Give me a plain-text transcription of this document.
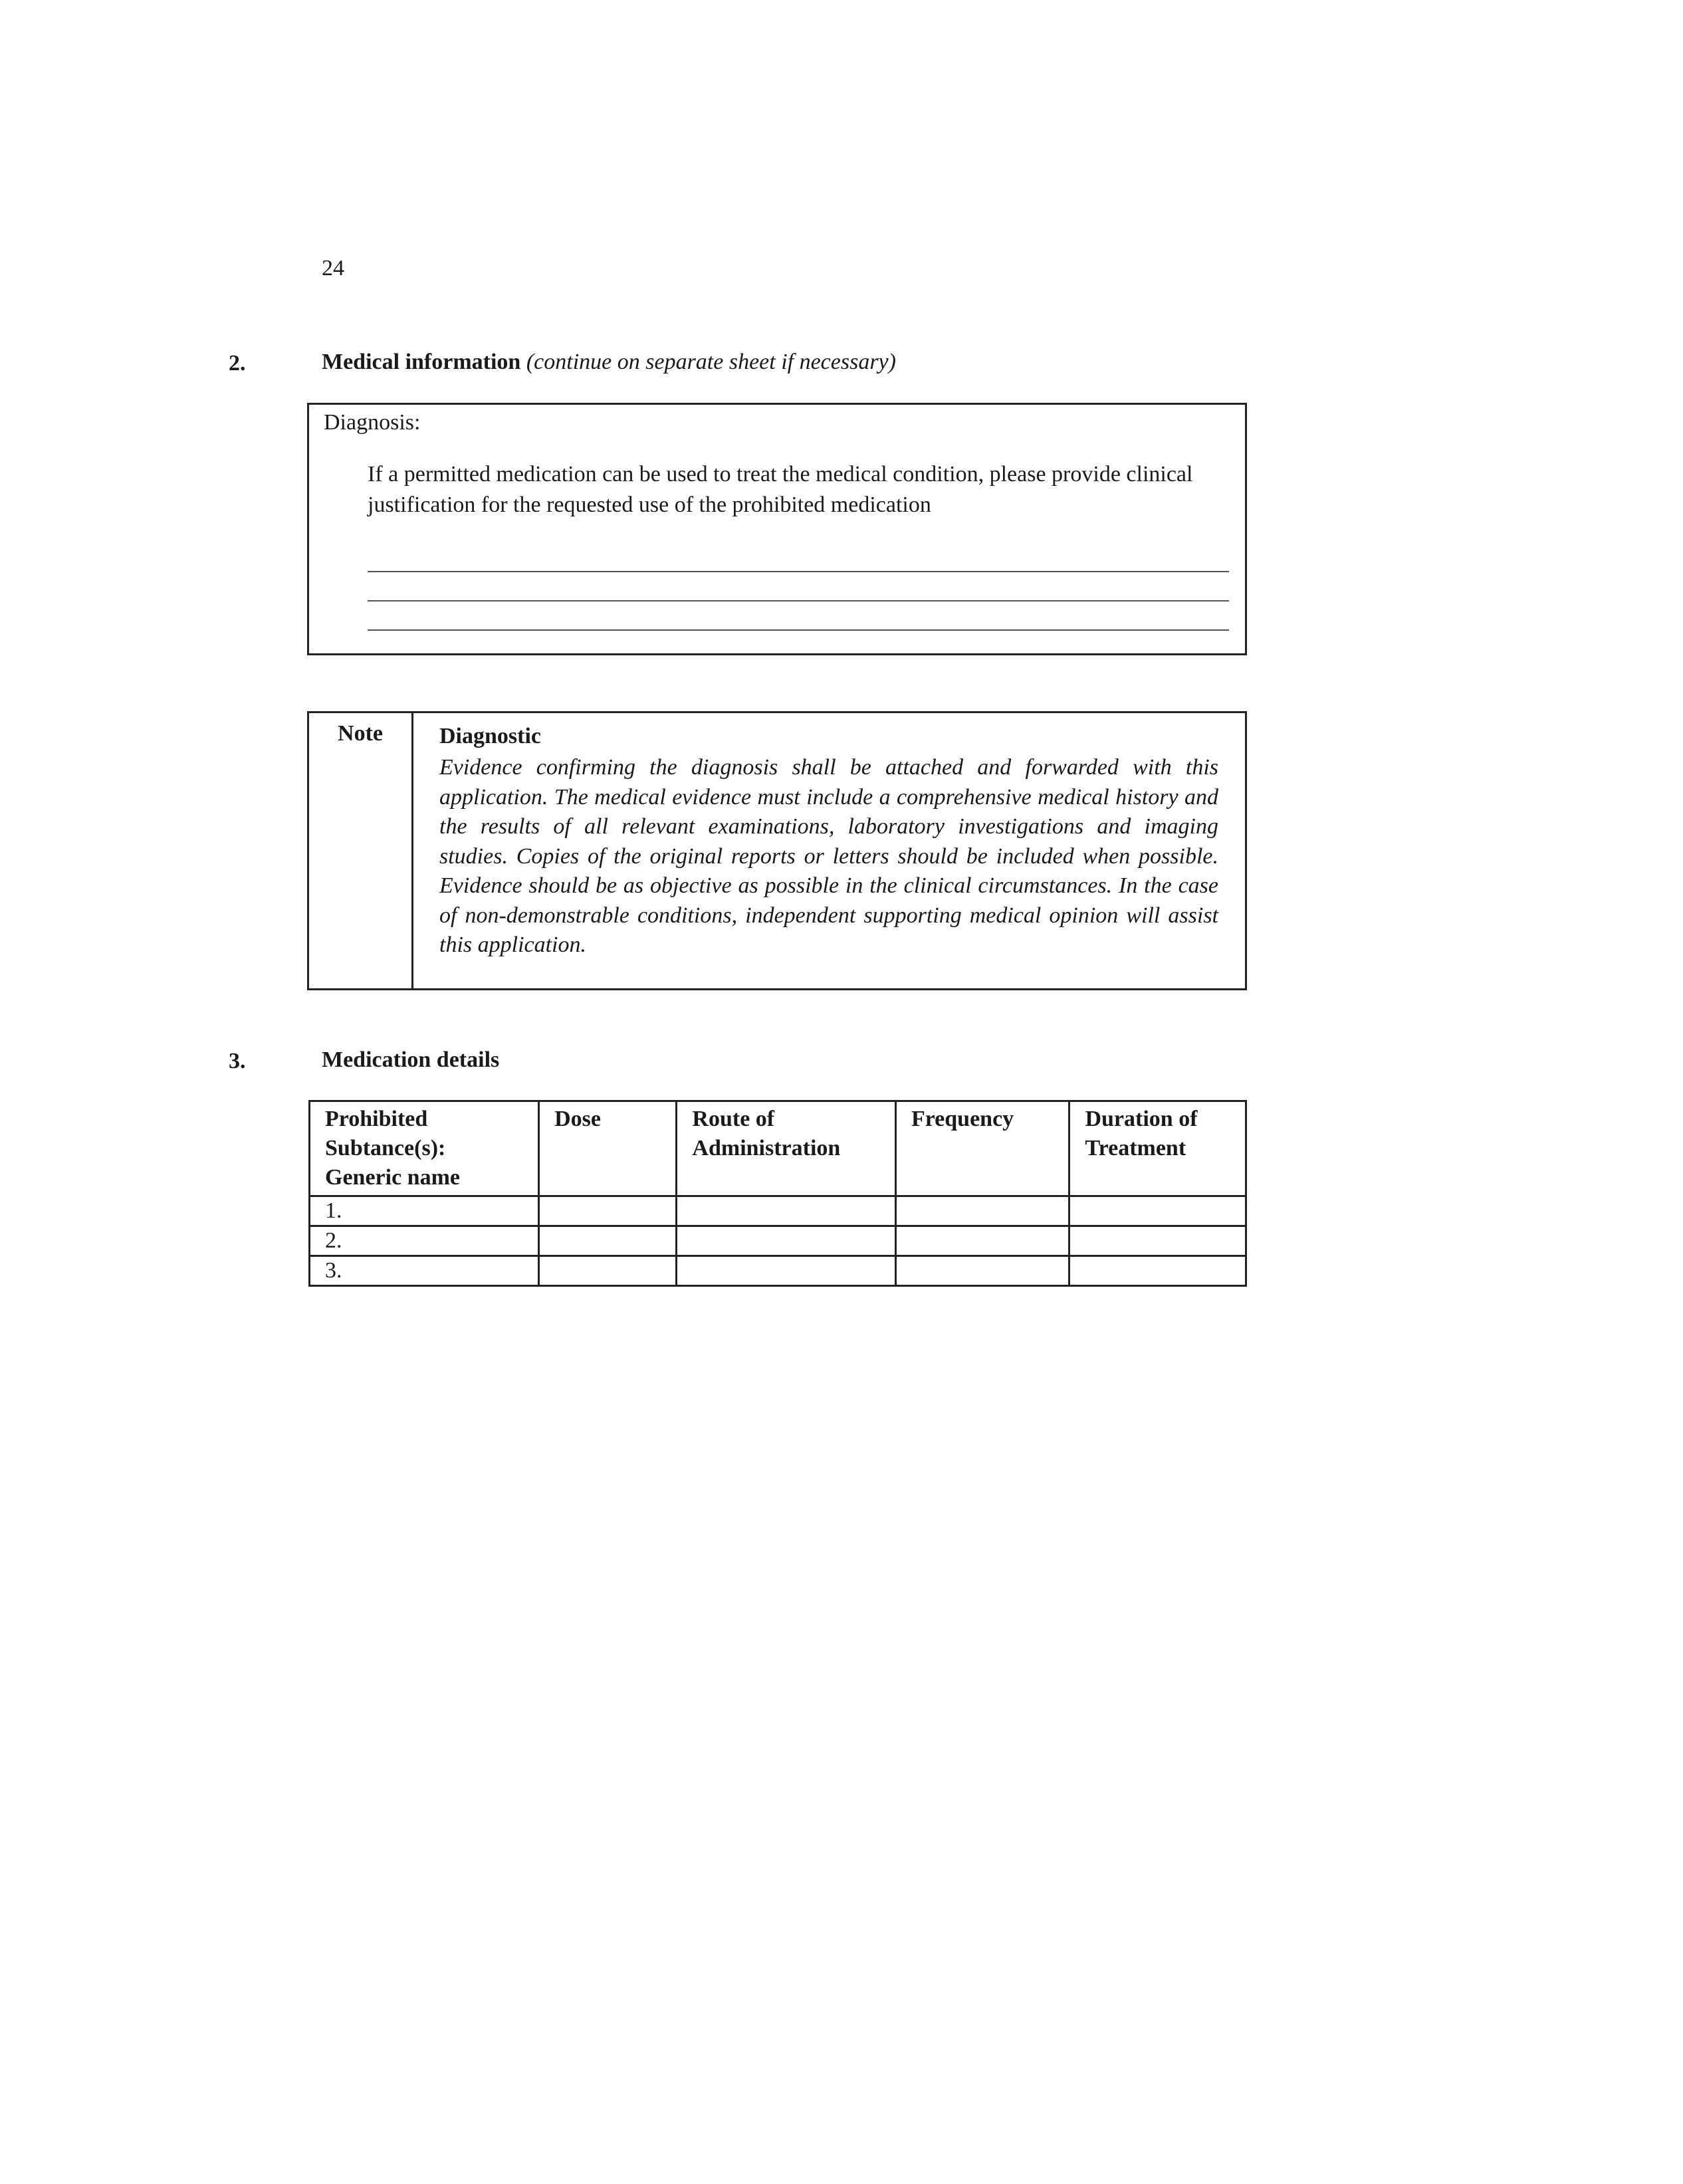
24
2.	Medical information (continue on separate sheet if necessary)
Diagnosis:
If a permitted medication can be used to treat the medical condition, please provide clinical justification for the requested use of the prohibited medication
Note	Diagnostic
Evidence confirming the diagnosis shall be attached and forwarded with this application. The medical evidence must include a comprehensive medical history and the results of all relevant examinations, laboratory investigations and imaging studies. Copies of the original reports or letters should be included when possible. Evidence should be as objective as possible in the clinical circumstances. In the case of non-demonstrable conditions, independent supporting medical opinion will assist this application.
3.	Medication details
Prohibited Subtance(s): Generic name	Dose	Route of Administration	Frequency	Duration of Treatment
1.				
2.				
3.				
